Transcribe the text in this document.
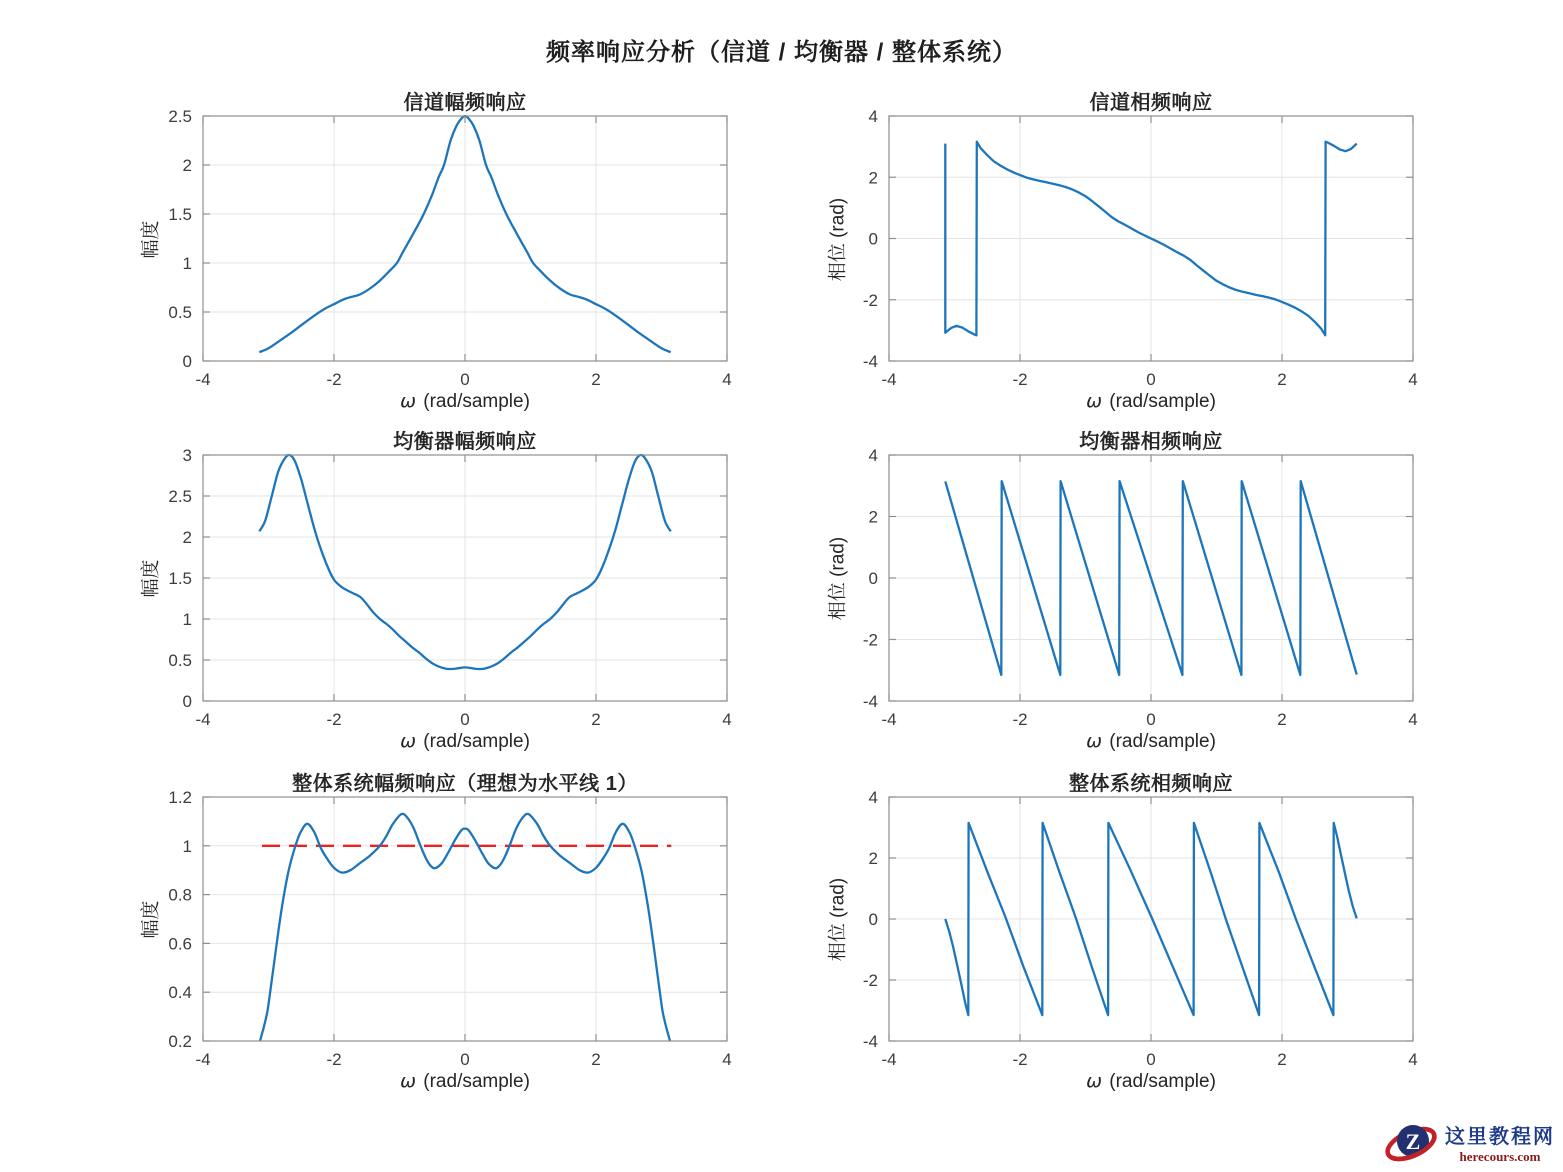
-4	-2	0	2	4
0
0.5
1
1.5
2
2.5
-4	-2	0	2	4
-4
-2
0
2
4
-4	-2	0	2	4
0
0.5
1
1.5
2
2.5
3
-4	-2	0	2	4
-4
-2
0
2
4
-4	-2	0	2	4
0.2
0.4
0.6
0.8
1
1.2
-4	-2	0	2	4
-4
-2
0
2
4
频率响应分析（信道 / 均衡器 / 整体系统）
信道幅频响应	信道相频响应
均衡器幅频响应	均衡器相频响应
整体系统幅频响应（理想为水平线 1）	整体系统相频响应
幅度	相位 (rad)
幅度	相位 (rad)
幅度	相位 (rad)
ω (rad/sample)	ω (rad/sample)
ω (rad/sample)	ω (rad/sample)
ω (rad/sample)	ω (rad/sample)
Z 这里教程网
herecours.com
